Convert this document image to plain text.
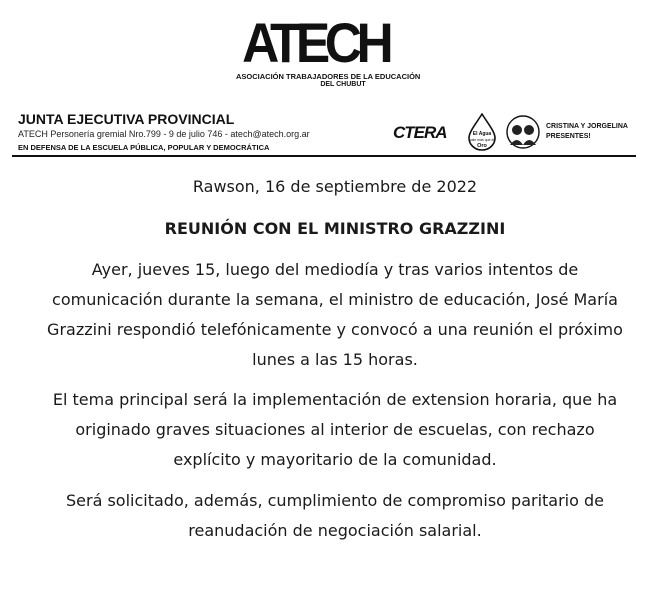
ATECH
ASOCIACIÓN TRABAJADORES DE LA EDUCACIÓN
DEL CHUBUT
JUNTA EJECUTIVA PROVINCIAL
ATECH Personería gremial Nro.799 - 9 de julio 746 - atech@atech.org.ar
EN DEFENSA DE LA ESCUELA PÚBLICA, POPULAR Y DEMOCRÁTICA
CTERA	El Agua
vale más que el
Oro
CRISTINA Y JORGELINA
PRESENTES!
Rawson, 16 de septiembre de 2022
REUNIÓN CON EL MINISTRO GRAZZINI
Ayer, jueves 15, luego del mediodía y tras varios intentos de
comunicación durante la semana, el ministro de educación, José María
Grazzini respondió telefónicamente y convocó a una reunión el próximo
lunes a las 15 horas.
El tema principal será la implementación de extension horaria, que ha
originado graves situaciones al interior de escuelas, con rechazo
explícito y mayoritario de la comunidad.
Será solicitado, además, cumplimiento de compromiso paritario de
reanudación de negociación salarial.
